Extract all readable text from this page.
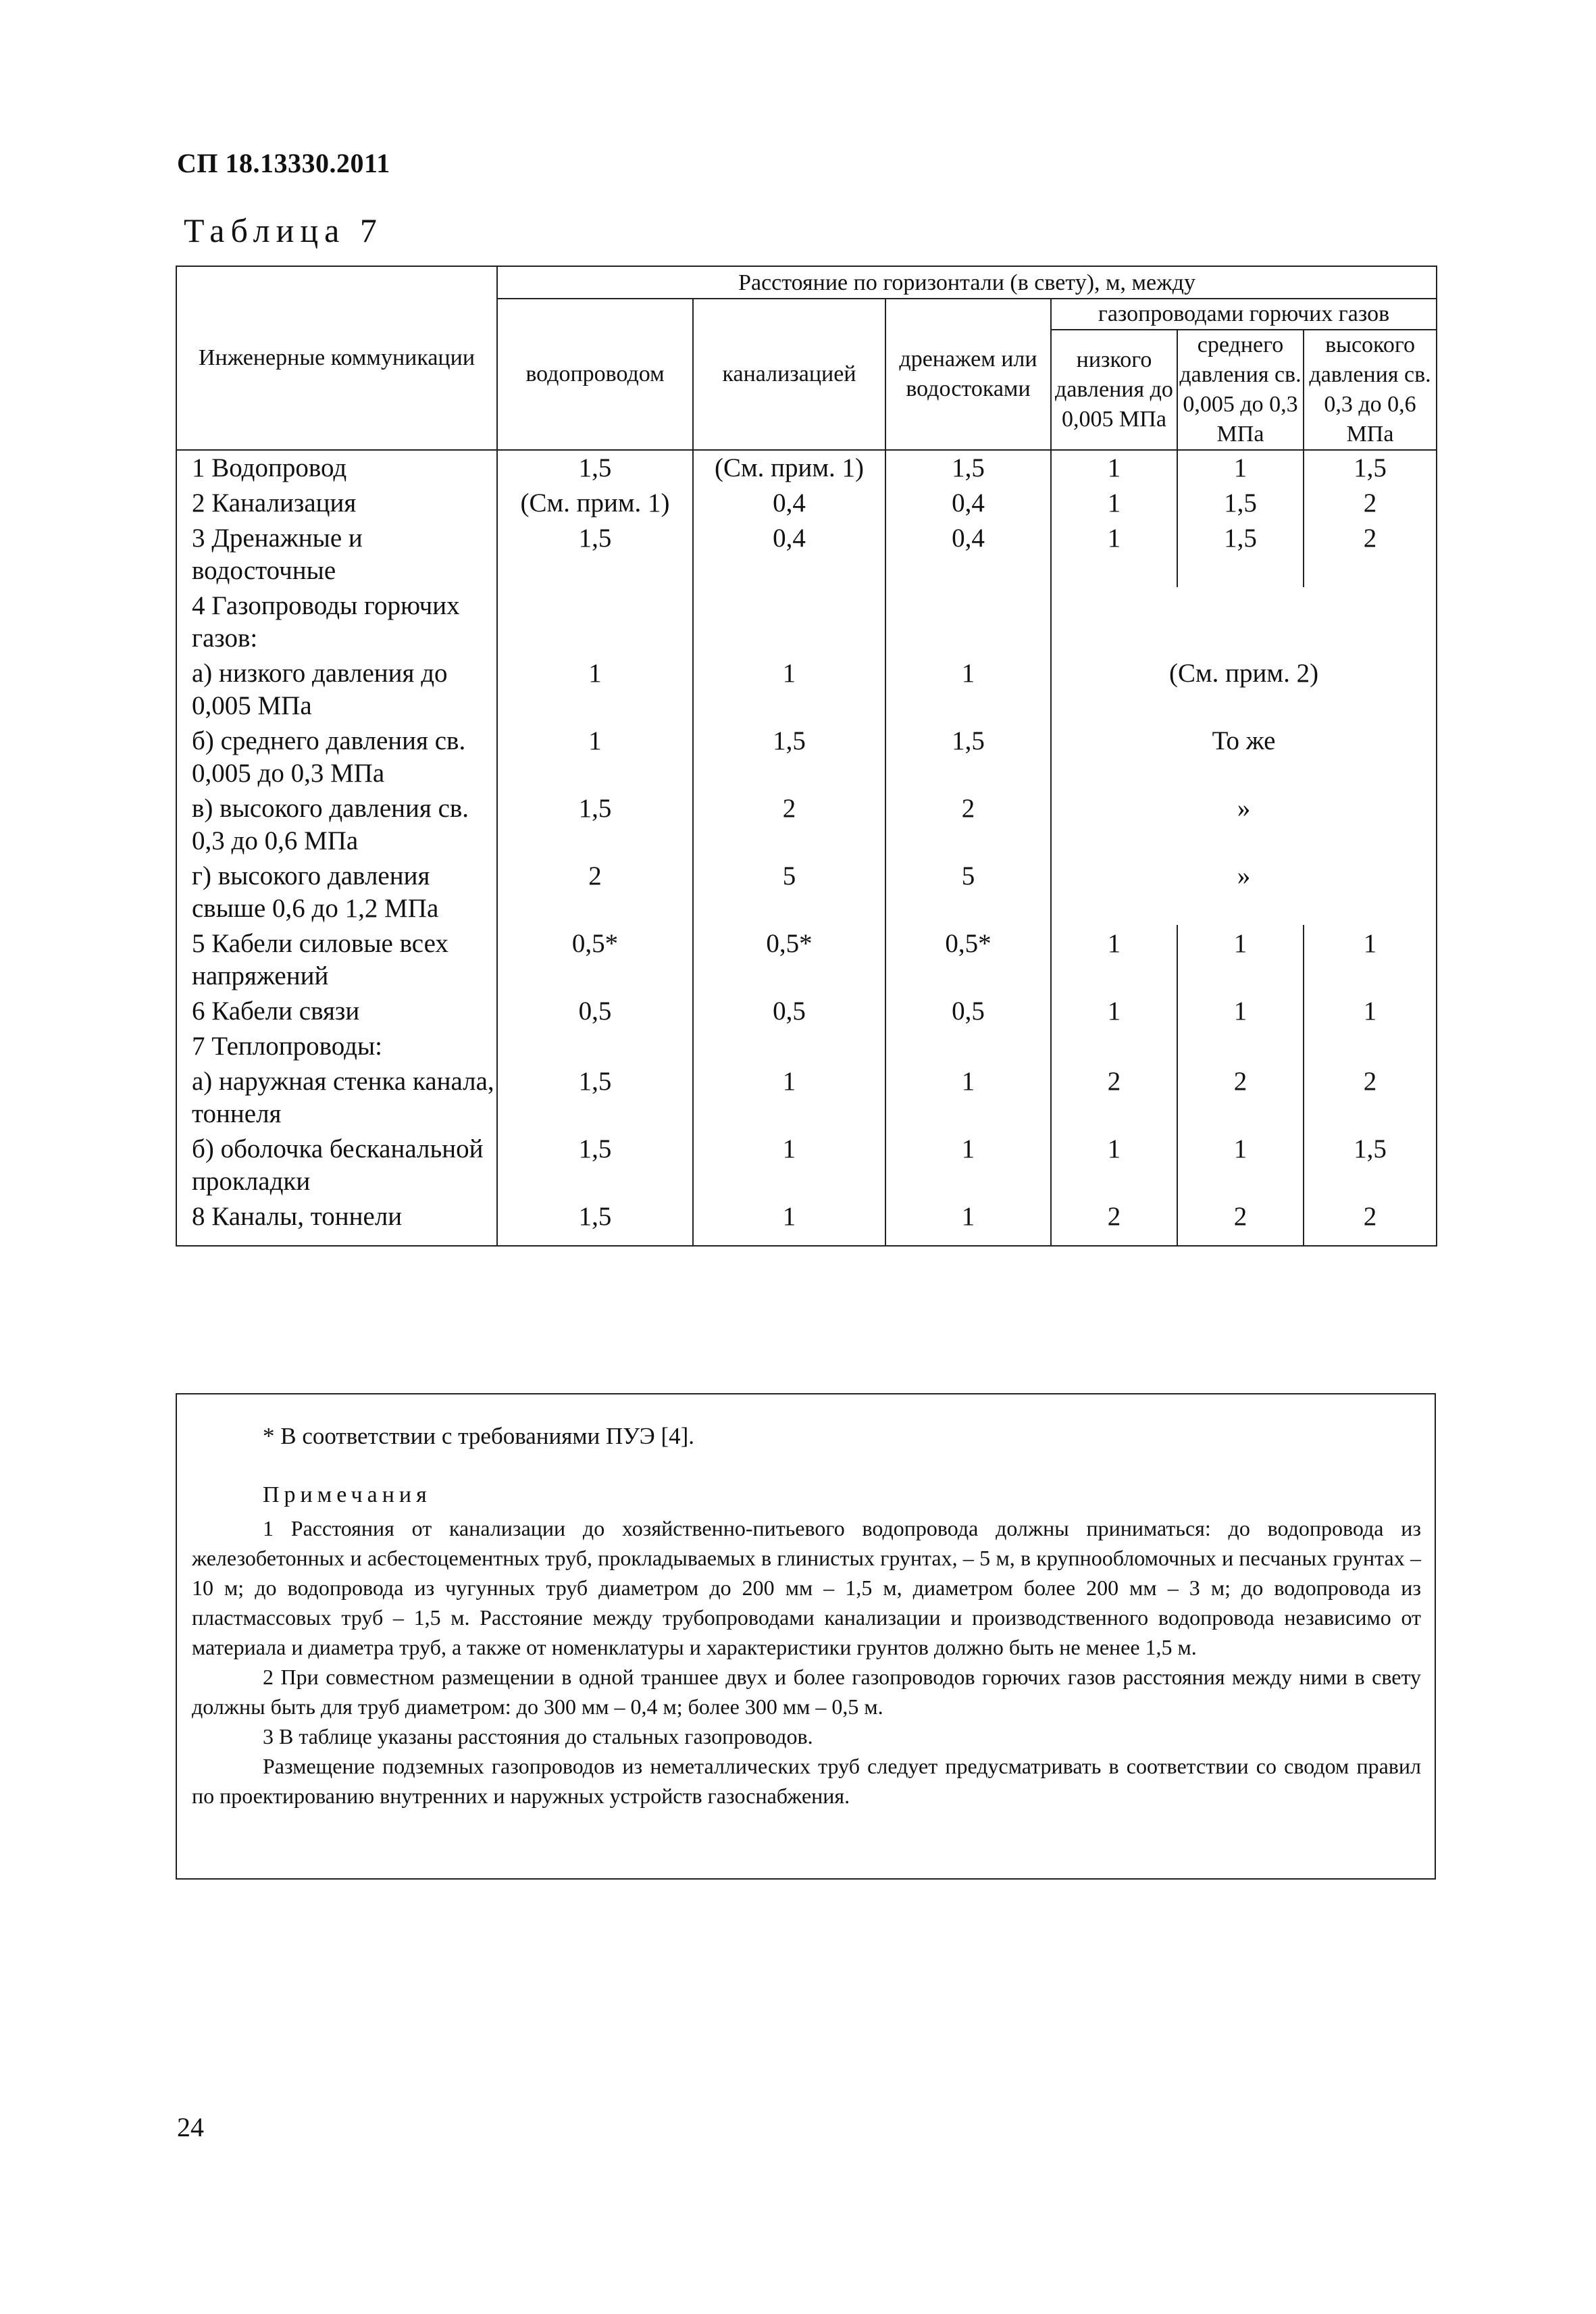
СП 18.13330.2011
Таблица 7
Инженерные коммуникации	Расстояние по горизонтали (в свету), м, между					
	водопроводом	канализацией	дренажем или водостоками	газопроводами горючих газов		
				низкого давления до 0,005 МПа	среднего давления св. 0,005 до 0,3 МПа	высокого давления св. 0,3 до 0,6 МПа
1 Водопровод	1,5	(См. прим. 1)	1,5	1	1	1,5
2 Канализация	(См. прим. 1)	0,4	0,4	1	1,5	2
3 Дренажные и водосточные	1,5	0,4	0,4	1	1,5	2
4 Газопроводы горючих газов:						
а) низкого давления до 0,005 МПа	1	1	1	(См. прим. 2)		
б) среднего давления св. 0,005 до 0,3 МПа	1	1,5	1,5	То же		
в) высокого давления св. 0,3 до 0,6 МПа	1,5	2	2	»		
г) высокого давления свыше 0,6 до 1,2 МПа	2	5	5	»		
5 Кабели силовые всех напряжений	0,5*	0,5*	0,5*	1	1	1
6 Кабели связи	0,5	0,5	0,5	1	1	1
7 Теплопроводы:						
а) наружная стенка канала, тоннеля	1,5	1	1	2	2	2
б) оболочка бесканальной прокладки	1,5	1	1	1	1	1,5
8 Каналы, тоннели	1,5	1	1	2	2	2
* В соответствии с требованиями ПУЭ [4].
Примечания

1 Расстояния от канализации до хозяйственно-питьевого водопровода должны приниматься: до водопровода из железобетонных и асбестоцементных труб, прокладываемых в глинистых грунтах, – 5 м, в крупнообломочных и песчаных грунтах – 10 м; до водопровода из чугунных труб диаметром до 200 мм – 1,5 м, диаметром более 200 мм – 3 м; до водопровода из пластмассовых труб – 1,5 м. Расстояние между трубопроводами канализации и производственного водопровода независимо от материала и диаметра труб, а также от номенклатуры и характеристики грунтов должно быть не менее 1,5 м.

2 При совместном размещении в одной траншее двух и более газопроводов горючих газов расстояния между ними в свету должны быть для труб диаметром: до 300 мм – 0,4 м; более 300 мм – 0,5 м.

3 В таблице указаны расстояния до стальных газопроводов.

Размещение подземных газопроводов из неметаллических труб следует предусматривать в соответствии со сводом правил по проектированию внутренних и наружных устройств газоснабжения.

24
